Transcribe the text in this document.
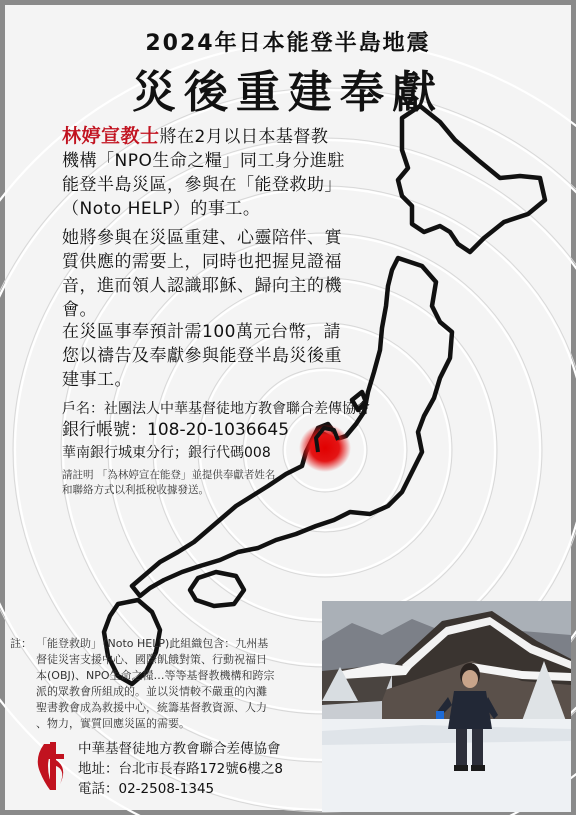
2024年日本能登半島地震
災後重建奉獻
林婷宣教士將在2月以日本基督教
機構「NPO生命之糧」同工身分進駐
能登半島災區，參與在「能登救助」
（Noto HELP）的事工。
她將參與在災區重建、心靈陪伴、實
質供應的需要上，同時也把握見證福
音，進而領人認識耶穌、歸向主的機
會。
在災區事奉預計需100萬元台幣，請
您以禱告及奉獻參與能登半島災後重
建事工。
戶名：社團法人中華基督徒地方教會聯合差傳協會
銀行帳號：108-20-1036645
華南銀行城東分行；銀行代碼008
請註明 「為林婷宣在能登」並提供奉獻者姓名
和聯絡方式以利抵稅收據發送。
註： 「能登救助」（Noto HELP)此組織包含：九州基
督徒災害支援中心、國際飢餓對策、行動祝福日
本(OBJ)、NPO生命之糧…等等基督教機構和跨宗
派的眾教會所組成的。並以災情較不嚴重的內灘
聖書教會成為救援中心，統籌基督教資源、人力
、物力，實質回應災區的需要。
中華基督徒地方教會聯合差傳協會
地址：台北市長春路172號6樓之8
電話：02-2508-1345
